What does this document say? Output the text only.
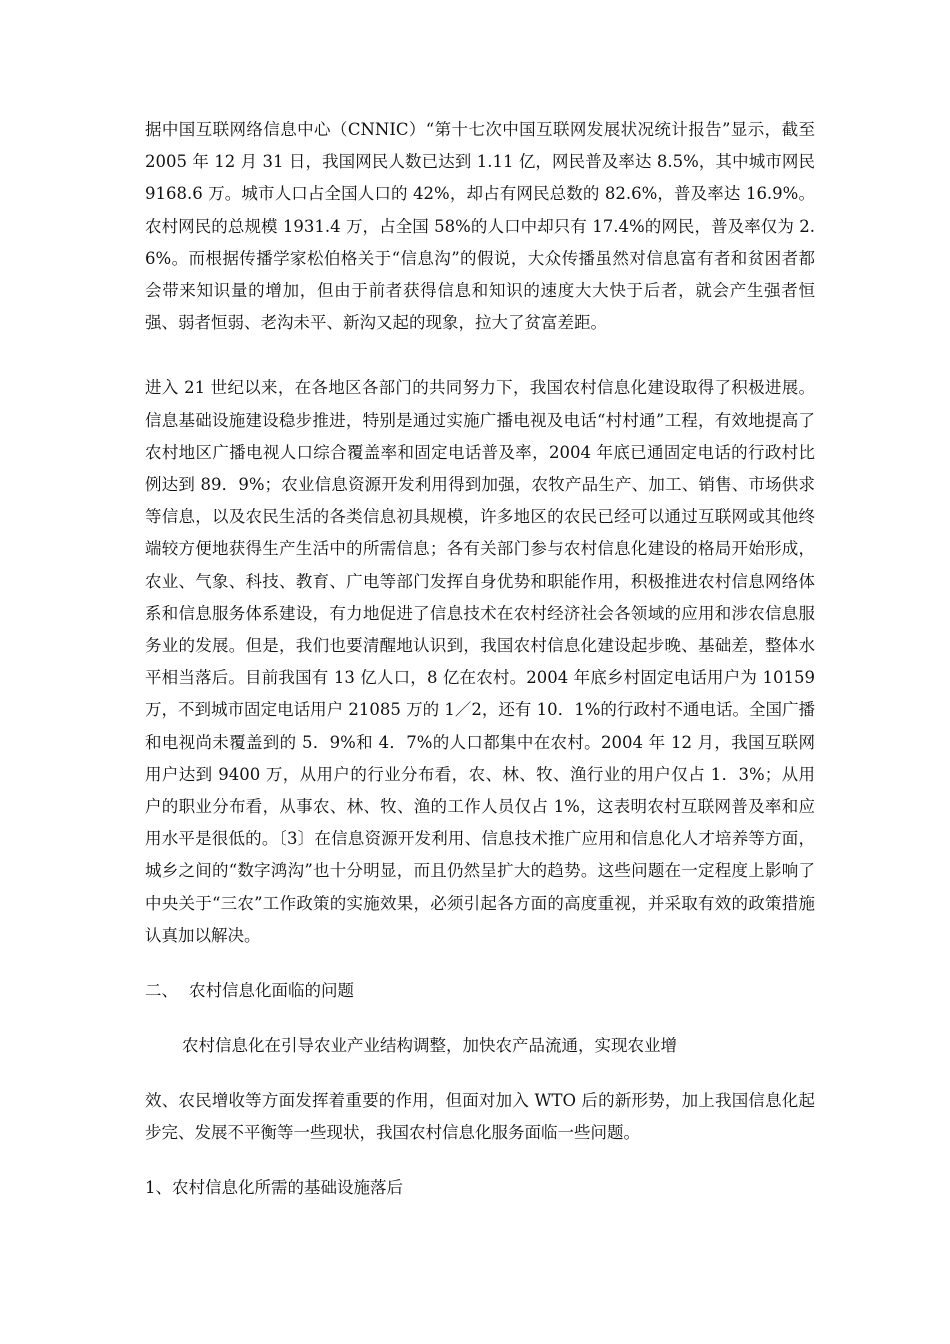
据中国互联网络信息中心（CNNIC）“第十七次中国互联网发展状况统计报告”显示，截至 2005 年 12 月 31 日，我国网民人数已达到 1.11 亿，网民普及率达 8.5%，其中城市网民 9168.6 万。城市人口占全国人口的 42%，却占有网民总数的 82.6%，普及率达 16.9%。农村网民的总规模 1931.4 万，占全国 58%的人口中却只有 17.4%的网民，普及率仅为 2.6%。而根据传播学家松伯格关于“信息沟”的假说，大众传播虽然对信息富有者和贫困者都会带来知识量的增加，但由于前者获得信息和知识的速度大大快于后者，就会产生强者恒强、弱者恒弱、老沟未平、新沟又起的现象，拉大了贫富差距。

进入 21 世纪以来，在各地区各部门的共同努力下，我国农村信息化建设取得了积极进展。信息基础设施建设稳步推进，特别是通过实施广播电视及电话“村村通”工程，有效地提高了农村地区广播电视人口综合覆盖率和固定电话普及率，2004 年底已通固定电话的行政村比例达到 89．9%；农业信息资源开发利用得到加强，农牧产品生产、加工、销售、市场供求等信息，以及农民生活的各类信息初具规模，许多地区的农民已经可以通过互联网或其他终端较方便地获得生产生活中的所需信息；各有关部门参与农村信息化建设的格局开始形成，农业、气象、科技、教育、广电等部门发挥自身优势和职能作用，积极推进农村信息网络体系和信息服务体系建设，有力地促进了信息技术在农村经济社会各领域的应用和涉农信息服务业的发展。但是，我们也要清醒地认识到，我国农村信息化建设起步晚、基础差，整体水平相当落后。目前我国有 13 亿人口，8 亿在农村。2004 年底乡村固定电话用户为 10159 万，不到城市固定电话用户 21085 万的 1／2，还有 10．1%的行政村不通电话。全国广播和电视尚未覆盖到的 5．9%和 4．7%的人口都集中在农村。2004 年 12 月，我国互联网用户达到 9400 万，从用户的行业分布看，农、林、牧、渔行业的用户仅占 1．3%；从用户的职业分布看，从事农、林、牧、渔的工作人员仅占 1%，这表明农村互联网普及率和应用水平是很低的。〔3〕在信息资源开发利用、信息技术推广应用和信息化人才培养等方面，城乡之间的“数字鸿沟”也十分明显，而且仍然呈扩大的趋势。这些问题在一定程度上影响了中央关于“三农”工作政策的实施效果，必须引起各方面的高度重视，并采取有效的政策措施认真加以解决。

二、 农村信息化面临的问题

农村信息化在引导农业产业结构调整，加快农产品流通，实现农业增

效、农民增收等方面发挥着重要的作用，但面对加入 WTO 后的新形势，加上我国信息化起步完、发展不平衡等一些现状，我国农村信息化服务面临一些问题。

1、农村信息化所需的基础设施落后
